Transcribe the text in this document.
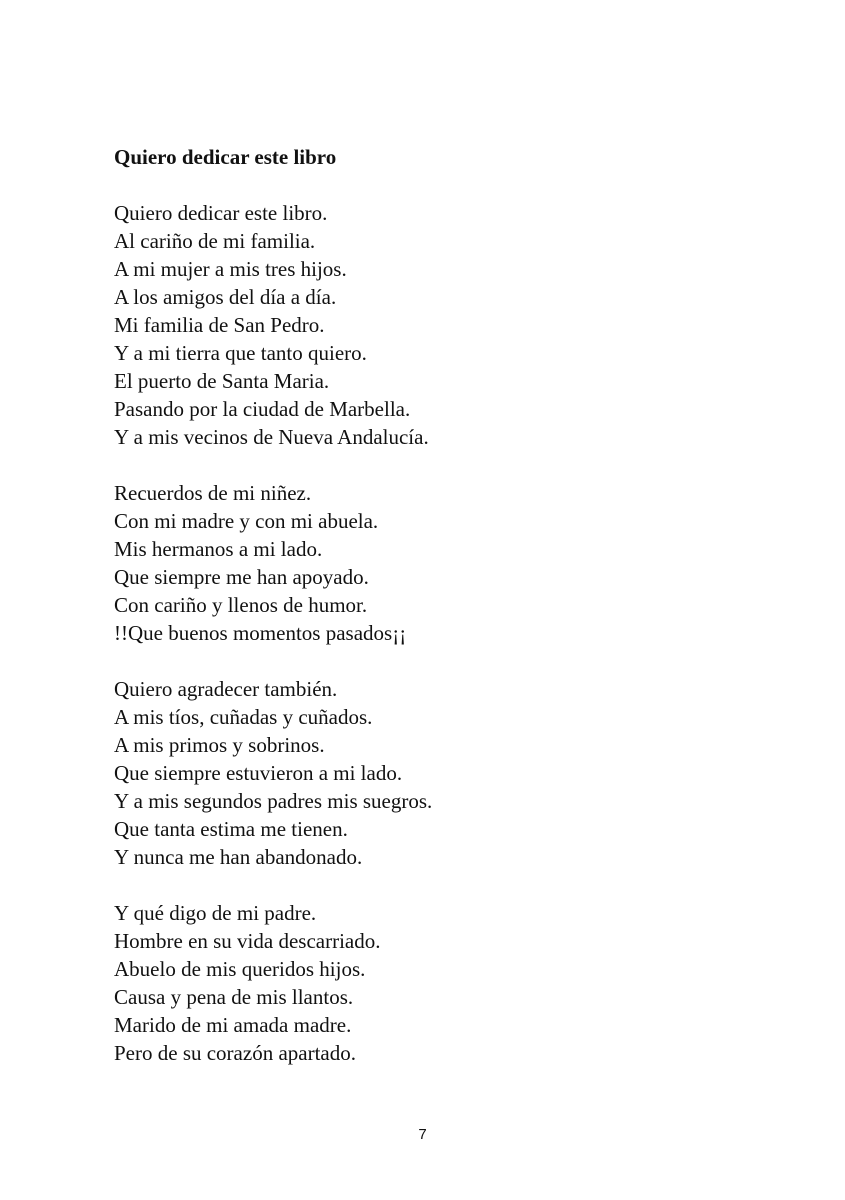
Quiero dedicar este libro
Quiero dedicar este libro.
Al cariño de mi familia.
A mi mujer a mis tres hijos.
A los amigos del día a día.
Mi familia de San Pedro.
Y a mi tierra que tanto quiero.
El puerto de Santa Maria.
Pasando por la ciudad de Marbella.
Y a mis vecinos de Nueva Andalucía.
Recuerdos de mi niñez.
Con mi madre y con mi abuela.
Mis hermanos a mi lado.
Que siempre me han apoyado.
Con cariño y llenos de humor.
!!Que buenos momentos pasados¡¡
Quiero agradecer también.
A mis tíos, cuñadas y cuñados.
A mis primos y sobrinos.
Que siempre estuvieron a mi lado.
Y a mis segundos padres mis suegros.
Que tanta estima me tienen.
Y nunca me han abandonado.
Y qué digo de mi padre.
Hombre en su vida descarriado.
Abuelo de mis queridos hijos.
Causa y pena de mis llantos.
Marido de mi amada madre.
Pero de su corazón apartado.
7
